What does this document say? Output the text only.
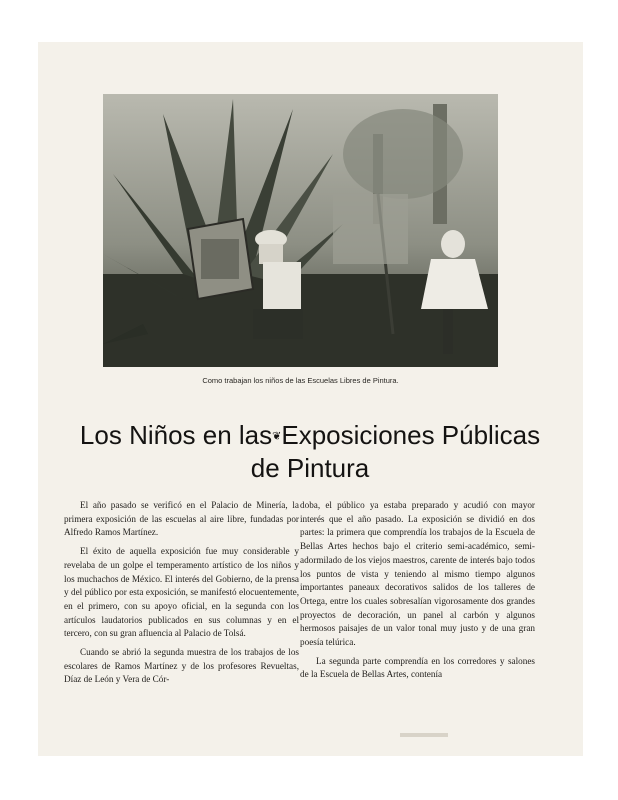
Como trabajan los niños de las Escuelas Libres de Pintura.
Los Niños en las❦Exposiciones Públicas
de Pintura

El año pasado se verificó en el Palacio de Minería, la primera exposición de las escuelas al aire libre, fundadas por Alfredo Ramos Martínez.

El éxito de aquella exposición fue muy considerable y revelaba de un golpe el temperamento artístico de los niños y los muchachos de México. El interés del Gobierno, de la prensa y del público por esta exposición, se manifestó elocuentemente, en el primero, con su apoyo oficial, en la segunda con los artículos laudatorios publicados en sus columnas y en el tercero, con su gran afluencia al Palacio de Tolsá.

Cuando se abrió la segunda muestra de los trabajos de los escolares de Ramos Martínez y de los profesores Revueltas, Díaz de León y Vera de Cór-

doba, el público ya estaba preparado y acudió con mayor interés que el año pasado. La exposición se dividió en dos partes: la primera que comprendía los trabajos de la Escuela de Bellas Artes hechos bajo el criterio semi-académico, semi-adormilado de los viejos maestros, carente de interés bajo todos los puntos de vista y teniendo al mismo tiempo algunos importantes paneaux decorativos salidos de los talleres de Ortega, entre los cuales sobresalían vigorosamente dos grandes proyectos de decoración, un panel al carbón y algunos hermosos paisajes de un valor tonal muy justo y de una gran poesía telúrica.

La segunda parte comprendía en los corredores y salones de la Escuela de Bellas Artes, contenía
